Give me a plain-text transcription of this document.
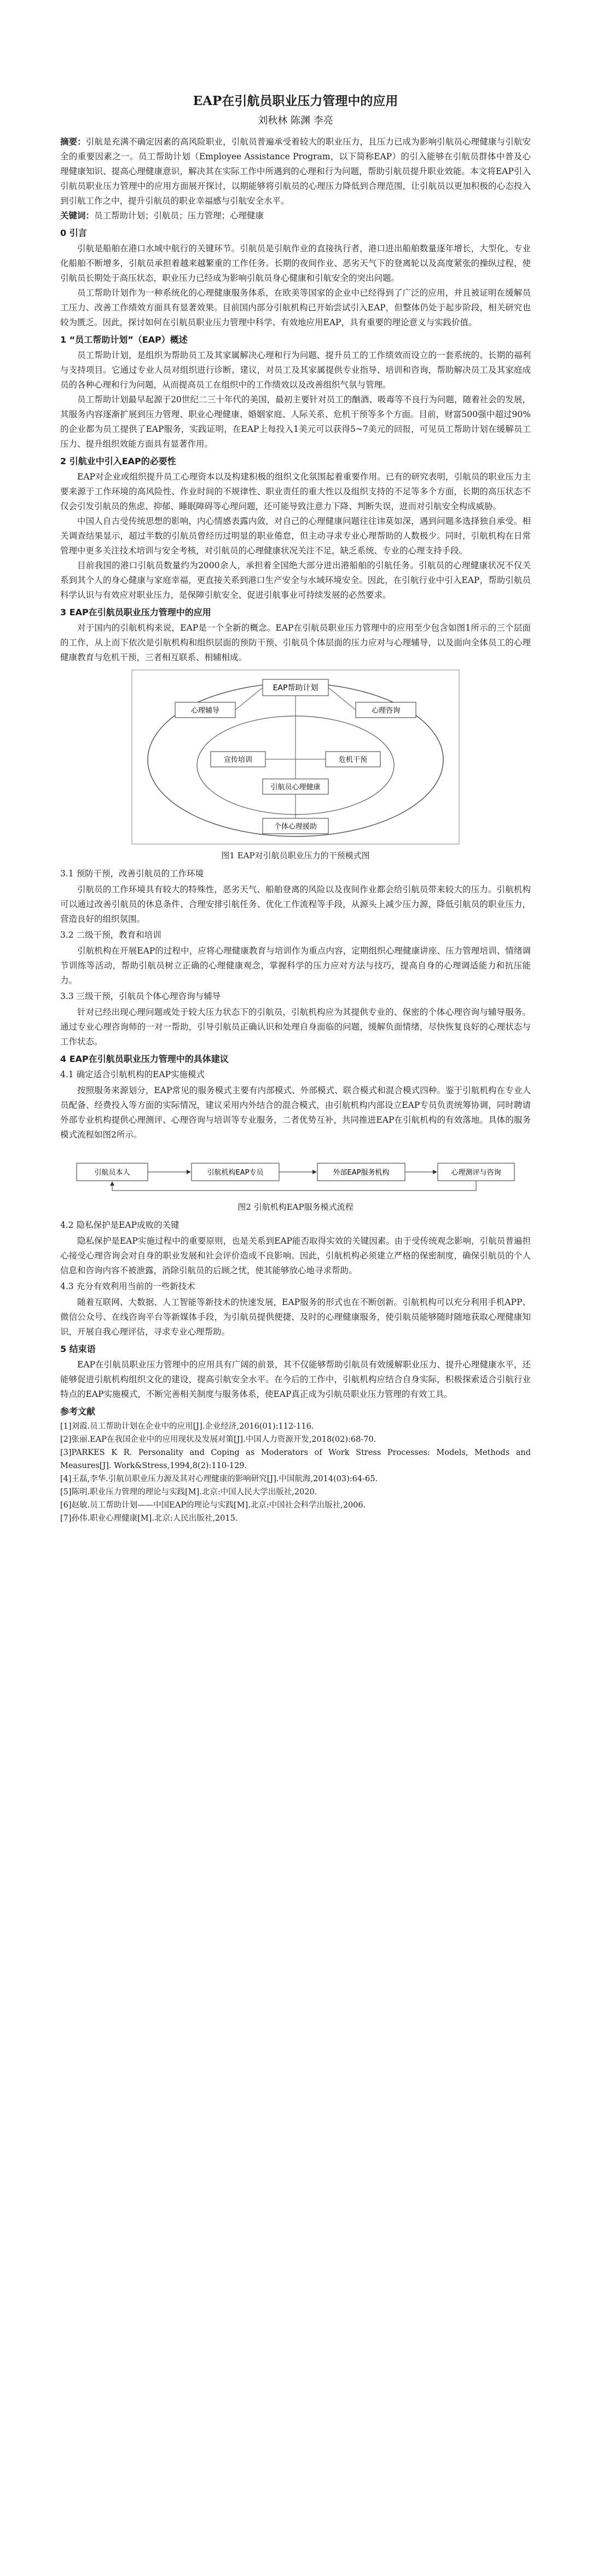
EAP在引航员职业压力管理中的应用
刘秋林 陈渊 李亮

摘要：引航是充满不确定因素的高风险职业，引航员普遍承受着较大的职业压力，且压力已成为影响引航员心理健康与引航安全的重要因素之一。员工帮助计划（Employee Assistance Program，以下简称EAP）的引入能够在引航员群体中普及心理健康知识、提高心理健康意识，解决其在实际工作中所遇到的心理和行为问题，帮助引航员提升职业效能。本文将EAP引入引航员职业压力管理中的应用方面展开探讨，以期能够将引航员的心理压力降低到合理范围，让引航员以更加积极的心态投入到引航工作之中，提升引航员的职业幸福感与引航安全水平。

关键词：员工帮助计划；引航员；压力管理；心理健康

0 引言

引航是船舶在港口水域中航行的关键环节。引航员是引航作业的直接执行者，港口进出船舶数量逐年增长，大型化、专业化船舶不断增多，引航员承担着越来越繁重的工作任务。长期的夜间作业、恶劣天气下的登离轮以及高度紧张的操纵过程，使引航员长期处于高压状态，职业压力已经成为影响引航员身心健康和引航安全的突出问题。

员工帮助计划作为一种系统化的心理健康服务体系，在欧美等国家的企业中已经得到了广泛的应用，并且被证明在缓解员工压力、改善工作绩效方面具有显著效果。目前国内部分引航机构已开始尝试引入EAP，但整体仍处于起步阶段，相关研究也较为匮乏。因此，探讨如何在引航员职业压力管理中科学、有效地应用EAP，具有重要的理论意义与实践价值。

1 “员工帮助计划”（EAP）概述

员工帮助计划，是组织为帮助员工及其家属解决心理和行为问题、提升员工的工作绩效而设立的一套系统的、长期的福利与支持项目。它通过专业人员对组织进行诊断、建议，对员工及其家属提供专业指导、培训和咨询，帮助解决员工及其家庭成员的各种心理和行为问题，从而提高员工在组织中的工作绩效以及改善组织气氛与管理。

员工帮助计划最早起源于20世纪二三十年代的美国，最初主要针对员工的酗酒、吸毒等不良行为问题，随着社会的发展，其服务内容逐渐扩展到压力管理、职业心理健康、婚姻家庭、人际关系、危机干预等多个方面。目前，财富500强中超过90%的企业都为员工提供了EAP服务，实践证明，在EAP上每投入1美元可以获得5~7美元的回报，可见员工帮助计划在缓解员工压力、提升组织效能方面具有显著作用。

2 引航业中引入EAP的必要性

EAP对企业或组织提升员工心理资本以及构建积极的组织文化氛围起着重要作用。已有的研究表明，引航员的职业压力主要来源于工作环境的高风险性、作业时间的不规律性、职业责任的重大性以及组织支持的不足等多个方面，长期的高压状态不仅会引发引航员的焦虑、抑郁、睡眠障碍等心理问题，还可能导致注意力下降、判断失误，进而对引航安全构成威胁。

中国人自古受传统思想的影响，内心情感表露内敛，对自己的心理健康问题往往讳莫如深，遇到问题多选择独自承受。相关调查结果显示，超过半数的引航员曾经历过明显的职业倦怠，但主动寻求专业心理帮助的人数极少。同时，引航机构在日常管理中更多关注技术培训与安全考核，对引航员的心理健康状况关注不足，缺乏系统、专业的心理支持手段。

目前我国的港口引航员数量约为2000余人，承担着全国绝大部分进出港船舶的引航任务。引航员的心理健康状况不仅关系到其个人的身心健康与家庭幸福，更直接关系到港口生产安全与水域环境安全。因此，在引航行业中引入EAP，帮助引航员科学认识与有效应对职业压力，是保障引航安全、促进引航事业可持续发展的必然要求。

3 EAP在引航员职业压力管理中的应用

对于国内的引航机构来说，EAP是一个全新的概念。EAP在引航员职业压力管理中的应用至少包含如图1所示的三个层面的工作，从上而下依次是引航机构和组织层面的预防干预、引航员个体层面的压力应对与心理辅导，以及面向全体员工的心理健康教育与危机干预，三者相互联系、相辅相成。

EAP帮助计划
心理辅导	心理咨询
宣传培训	危机干预
引航员心理健康
个体心理援助
图1 EAP对引航员职业压力的干预模式图
3.1 预防干预，改善引航员的工作环境

引航员的工作环境具有较大的特殊性，恶劣天气、船舶登离的风险以及夜间作业都会给引航员带来较大的压力。引航机构可以通过改善引航员的休息条件、合理安排引航任务、优化工作流程等手段，从源头上减少压力源，降低引航员的职业压力，营造良好的组织氛围。

3.2 二级干预，教育和培训

引航机构在开展EAP的过程中，应将心理健康教育与培训作为重点内容，定期组织心理健康讲座、压力管理培训、情绪调节训练等活动，帮助引航员树立正确的心理健康观念，掌握科学的压力应对方法与技巧，提高自身的心理调适能力和抗压能力。

3.3 三级干预，引航员个体心理咨询与辅导

针对已经出现心理问题或处于较大压力状态下的引航员，引航机构应为其提供专业的、保密的个体心理咨询与辅导服务。通过专业心理咨询师的一对一帮助，引导引航员正确认识和处理自身面临的问题，缓解负面情绪，尽快恢复良好的心理状态与工作状态。

4 EAP在引航员职业压力管理中的具体建议
4.1 确定适合引航机构的EAP实施模式

按照服务来源划分，EAP常见的服务模式主要有内部模式、外部模式、联合模式和混合模式四种。鉴于引航机构在专业人员配备、经费投入等方面的实际情况，建议采用内外结合的混合模式，由引航机构内部设立EAP专员负责统筹协调，同时聘请外部专业机构提供心理测评、心理咨询与培训等专业服务，二者优势互补，共同推进EAP在引航机构的有效落地。具体的服务模式流程如图2所示。

引航员本人	引航机构EAP专员	外部EAP服务机构	心理测评与咨询
图2 引航机构EAP服务模式流程
4.2 隐私保护是EAP成败的关键

隐私保护是EAP实施过程中的重要原则，也是关系到EAP能否取得实效的关键因素。由于受传统观念影响，引航员普遍担心接受心理咨询会对自身的职业发展和社会评价造成不良影响。因此，引航机构必须建立严格的保密制度，确保引航员的个人信息和咨询内容不被泄露，消除引航员的后顾之忧，使其能够放心地寻求帮助。

4.3 充分有效利用当前的一些新技术

随着互联网、大数据、人工智能等新技术的快速发展，EAP服务的形式也在不断创新。引航机构可以充分利用手机APP、微信公众号、在线咨询平台等新媒体手段，为引航员提供便捷、及时的心理健康服务，使引航员能够随时随地获取心理健康知识，开展自我心理评估，寻求专业心理帮助。

5 结束语

EAP在引航员职业压力管理中的应用具有广阔的前景，其不仅能够帮助引航员有效缓解职业压力、提升心理健康水平，还能够促进引航机构组织文化的建设，提高引航安全水平。在今后的工作中，引航机构应结合自身实际，积极探索适合引航行业特点的EAP实施模式，不断完善相关制度与服务体系，使EAP真正成为引航员职业压力管理的有效工具。

参考文献

[1]刘霞.员工帮助计划在企业中的应用[J].企业经济,2016(01):112-116.

[2]张丽.EAP在我国企业中的应用现状及发展对策[J].中国人力资源开发,2018(02):68-70.

[3]PARKES K R. Personality and Coping as Moderators of Work Stress Processes: Models, Methods and Measures[J]. Work&Stress,1994,8(2):110-129.

[4]王磊,李华.引航员职业压力源及其对心理健康的影响研究[J].中国航海,2014(03):64-65.

[5]陈明.职业压力管理的理论与实践[M].北京:中国人民大学出版社,2020.

[6]赵敏.员工帮助计划——中国EAP的理论与实践[M].北京:中国社会科学出版社,2006.

[7]孙伟.职业心理健康[M].北京:人民出版社,2015.
